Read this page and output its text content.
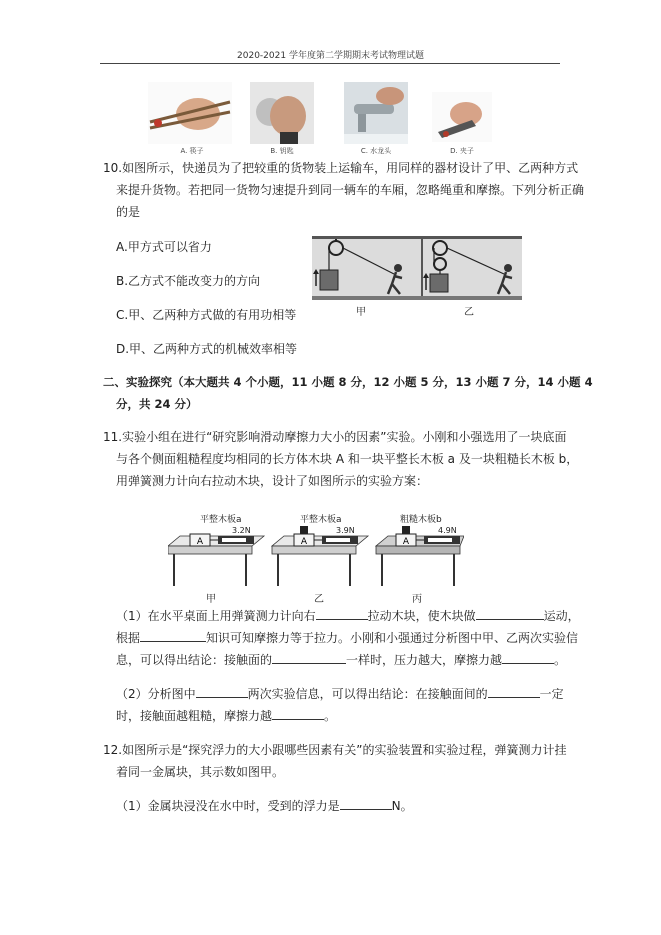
2020-2021 学年度第二学期期末考试物理试题
A. 筷子	B. 钥匙	C. 水龙头	D. 夹子
10.如图所示，快递员为了把较重的货物装上运输车，用同样的器材设计了甲、乙两种方式
来提升货物。若把同一货物匀速提升到同一辆车的车厢，忽略绳重和摩擦。下列分析正确
的是
A.甲方式可以省力
B.乙方式不能改变力的方向
C.甲、乙两种方式做的有用功相等
D.甲、乙两种方式的机械效率相等
甲	乙
二、实验探究（本大题共 4 个小题，11 小题 8 分，12 小题 5 分，13 小题 7 分，14 小题 4
分，共 24 分）
11.实验小组在进行“研究影响滑动摩擦力大小的因素”实验。小刚和小强选用了一块底面
与各个侧面粗糙程度均相同的长方体木块 A 和一块平整长木板 a 及一块粗糙长木板 b，
用弹簧测力计向右拉动木块，设计了如图所示的实验方案：
A	A	A
平整木板a	平整木板a	粗糙木板b
3.2N	3.9N	4.9N
甲	乙	丙
（1）在水平桌面上用弹簧测力计向右	拉动木块，使木块做	运动，
根据	知识可知摩擦力等于拉力。小刚和小强通过分析图中甲、乙两次实验信
息，可以得出结论：接触面的	一样时，压力越大，摩擦力越	。
（2）分析图中	两次实验信息，可以得出结论：在接触面间的	一定
时，接触面越粗糙，摩擦力越	。
12.如图所示是“探究浮力的大小跟哪些因素有关”的实验装置和实验过程，弹簧测力计挂
着同一金属块，其示数如图甲。
（1）金属块浸没在水中时，受到的浮力是	N。
